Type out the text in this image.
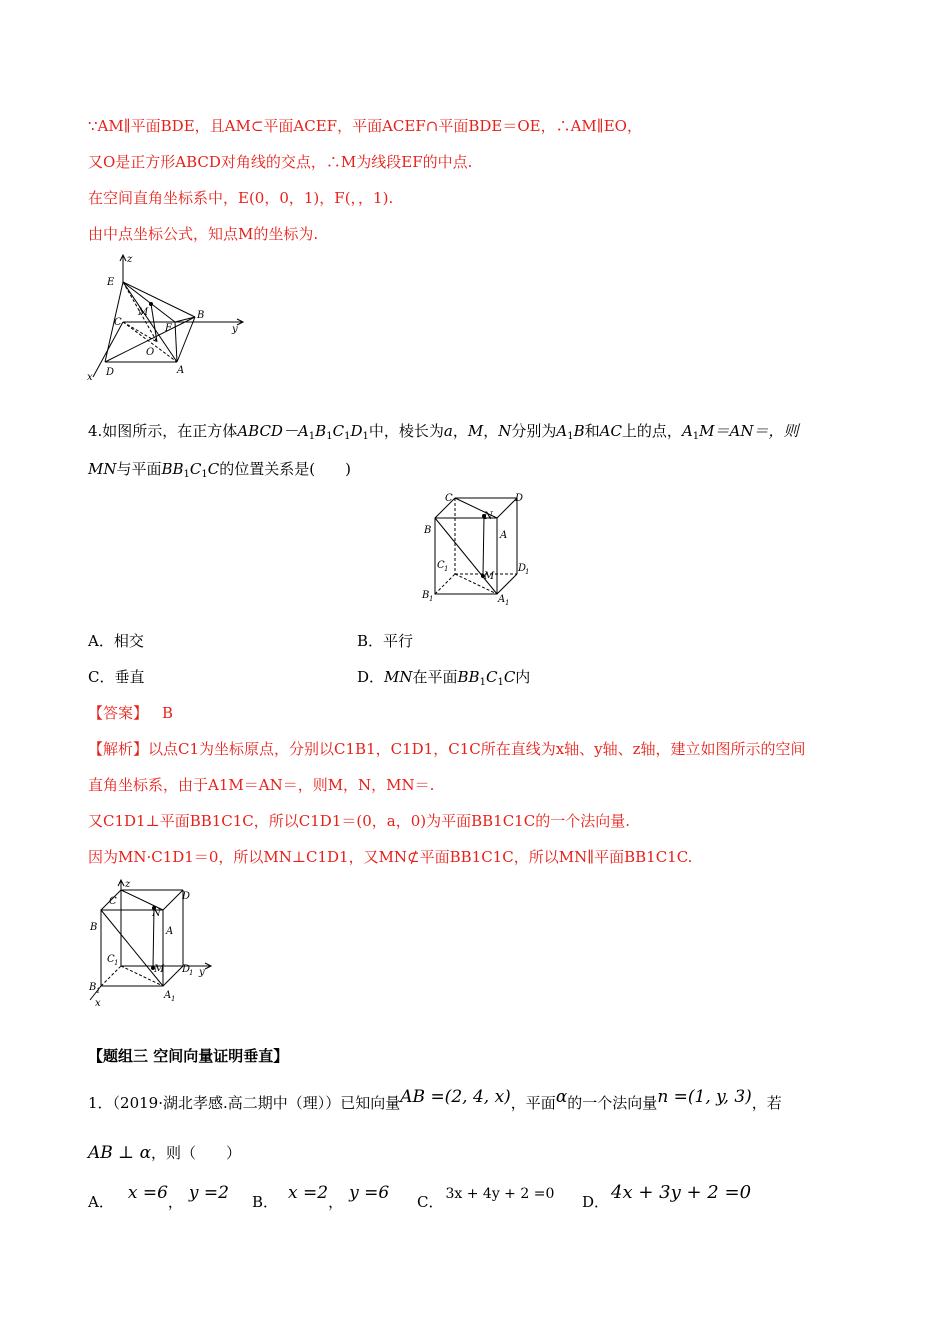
∵AM∥平面BDE，且AM⊂平面ACEF，平面ACEF∩平面BDE＝OE，∴AM∥EO，
又O是正方形ABCD对角线的交点，∴M为线段EF的中点.
在空间直角坐标系中，E(0，0，1)，F(，，1).
由中点坐标公式，知点M的坐标为.
E
z
M	B
y
C
F
O
x D	A
4.如图所示，在正方体$ABCD-A_1B_1C_1D_1$中，棱长为a，M，N分别为$A_1B$和AC上的点，$A_1M=AN=$，则
MN与平面$BB_1C_1C$的位置关系是(　　)
C	D
N
B	A
C 1
M
D
1
B 1	A 1
A．相交	B．平行
C．垂直	D．MN在平面$BB_1C_1C$内
【答案】 B
【解析】以点C1为坐标原点，分别以C1B1，C1D1，C1C所在直线为x轴、y轴、z轴，建立如图所示的空间
直角坐标系，由于A1M＝AN＝，则M，N，MN＝.
又C1D1⊥平面BB1C1C，所以C1D1＝(0，a，0)为平面BB1C1C的一个法向量.
因为MN·C1D1＝0，所以MN⊥C1D1，又MN⊄平面BB1C1C，所以MN∥平面BB1C1C.
z
C	D
N
B	A
C 1
M D
1 y
B 1	A 1
x
【题组三 空间向量证明垂直】
1．（2019·湖北孝感.高二期中（理））已知向量AB =(2, 4, x)，平面α的一个法向量n =(1, y, 3)，若
AB ⊥ α，则（　　）
A． x =6， y =2 B． x =2， y =6 C． 3x + 4y + 2 =0 D． 4x + 3y + 2 =0
